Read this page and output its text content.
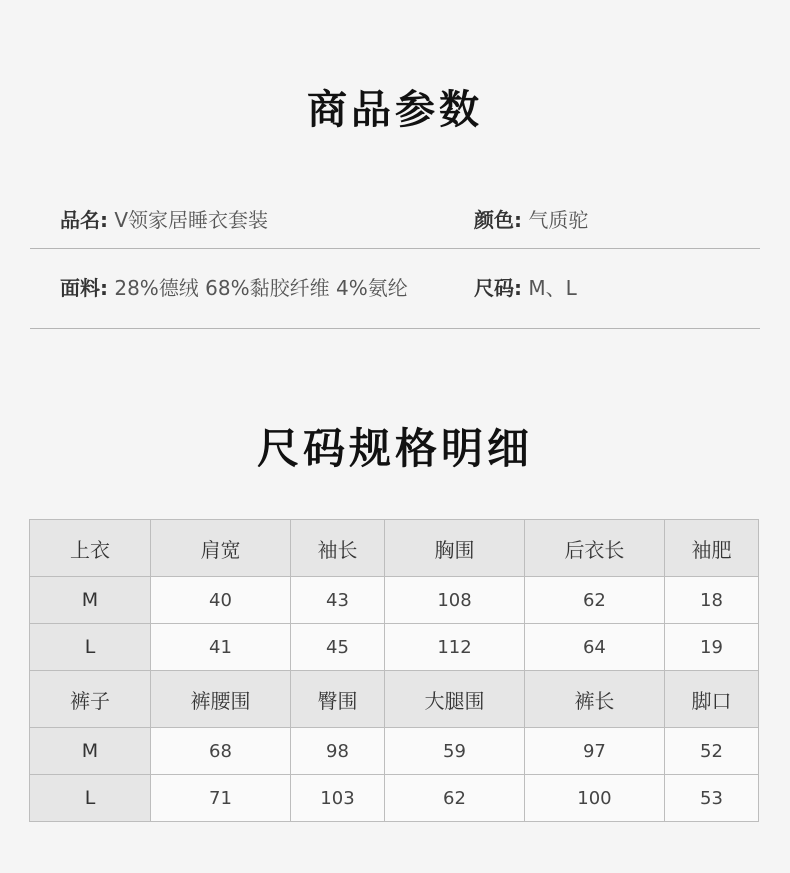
商品参数
品名: V领家居睡衣套装	颜色: 气质驼
面料: 28%德绒 68%黏胶纤维 4%氨纶	尺码: M、L
尺码规格明细
上衣	肩宽	袖长	胸围	后衣长	袖肥
M	40	43	108	62	18
L	41	45	112	64	19
裤子	裤腰围	臀围	大腿围	裤长	脚口
M	68	98	59	97	52
L	71	103	62	100	53
